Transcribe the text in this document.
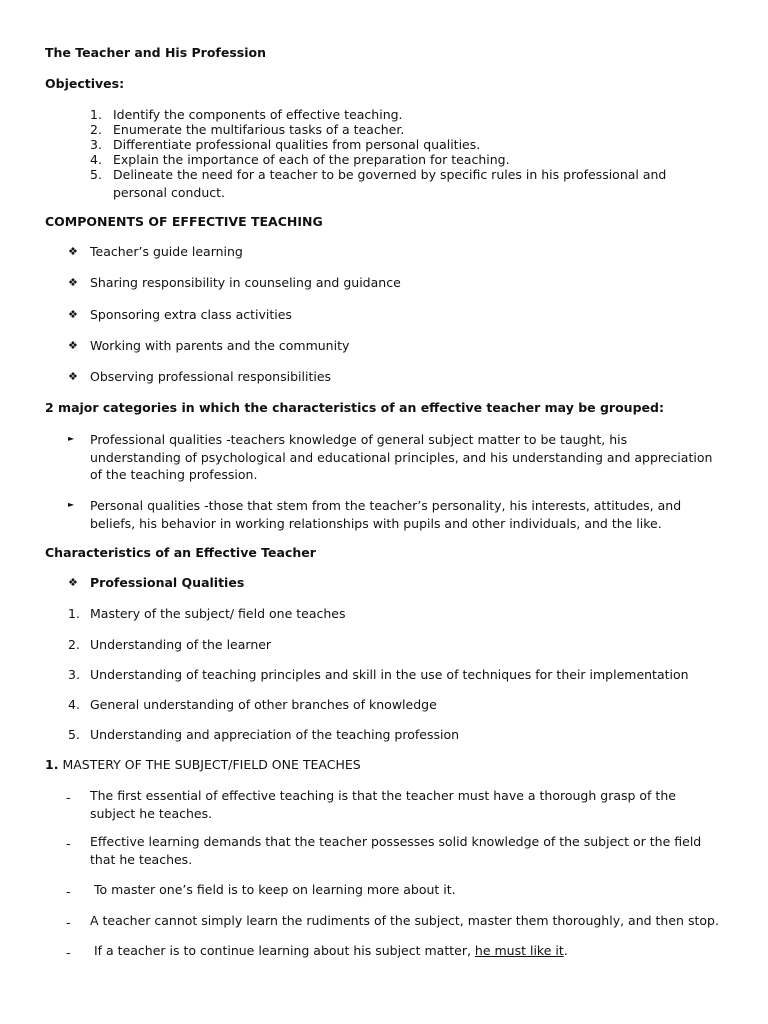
The Teacher and His Profession
Objectives:
1. Identify the components of effective teaching.
2. Enumerate the multifarious tasks of a teacher.
3. Differentiate professional qualities from personal qualities.
4. Explain the importance of each of the preparation for teaching.
5. Delineate the need for a teacher to be governed by specific rules in his professional and
personal conduct.
COMPONENTS OF EFFECTIVE TEACHING
❖ Teacher’s guide learning
❖ Sharing responsibility in counseling and guidance
❖ Sponsoring extra class activities
❖ Working with parents and the community
❖ Observing professional responsibilities
2 major categories in which the characteristics of an effective teacher may be grouped:
► Professional qualities -teachers knowledge of general subject matter to be taught, his
understanding of psychological and educational principles, and his understanding and appreciation
of the teaching profession.
► Personal qualities -those that stem from the teacher’s personality, his interests, attitudes, and
beliefs, his behavior in working relationships with pupils and other individuals, and the like.
Characteristics of an Effective Teacher
❖ Professional Qualities
1. Mastery of the subject/ field one teaches
2. Understanding of the learner
3. Understanding of teaching principles and skill in the use of techniques for their implementation
4. General understanding of other branches of knowledge
5. Understanding and appreciation of the teaching profession
1. MASTERY OF THE SUBJECT/FIELD ONE TEACHES
- The first essential of effective teaching is that the teacher must have a thorough grasp of the
subject he teaches.
- Effective learning demands that the teacher possesses solid knowledge of the subject or the field
that he teaches.
- To master one’s field is to keep on learning more about it.
- A teacher cannot simply learn the rudiments of the subject, master them thoroughly, and then stop.
- If a teacher is to continue learning about his subject matter, he must like it.
